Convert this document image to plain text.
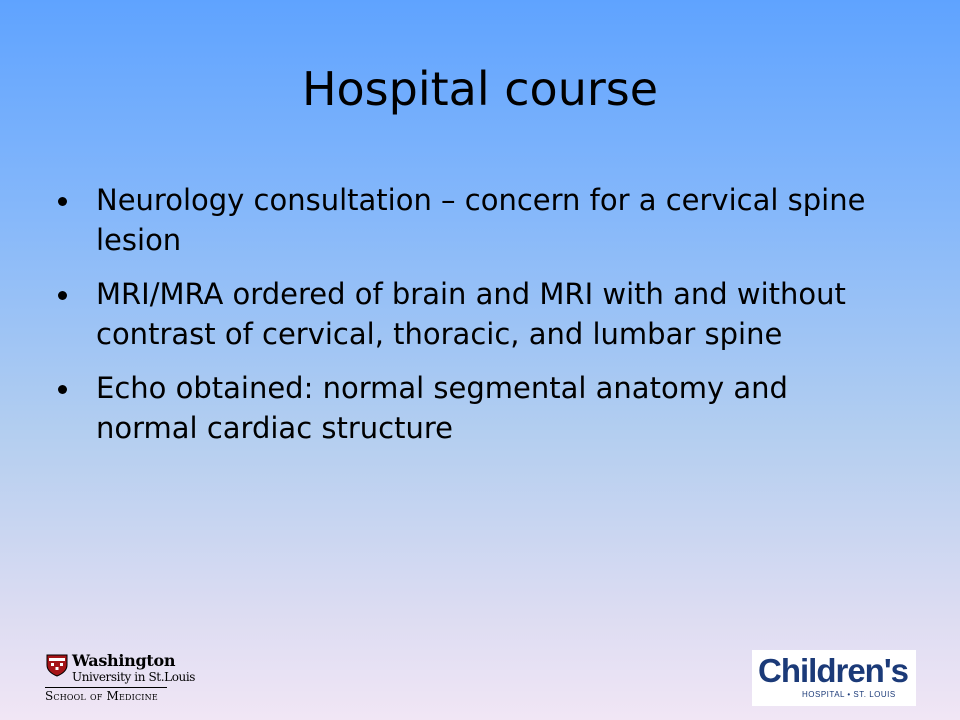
Hospital course
Neurology consultation – concern for a cervical spine lesion
MRI/MRA ordered of brain and MRI with and without contrast of cervical, thoracic, and lumbar spine
Echo obtained: normal segmental anatomy and normal cardiac structure
Washington
University in St.Louis
School of Medicine
Children's
HOSPITAL • ST. LOUIS
